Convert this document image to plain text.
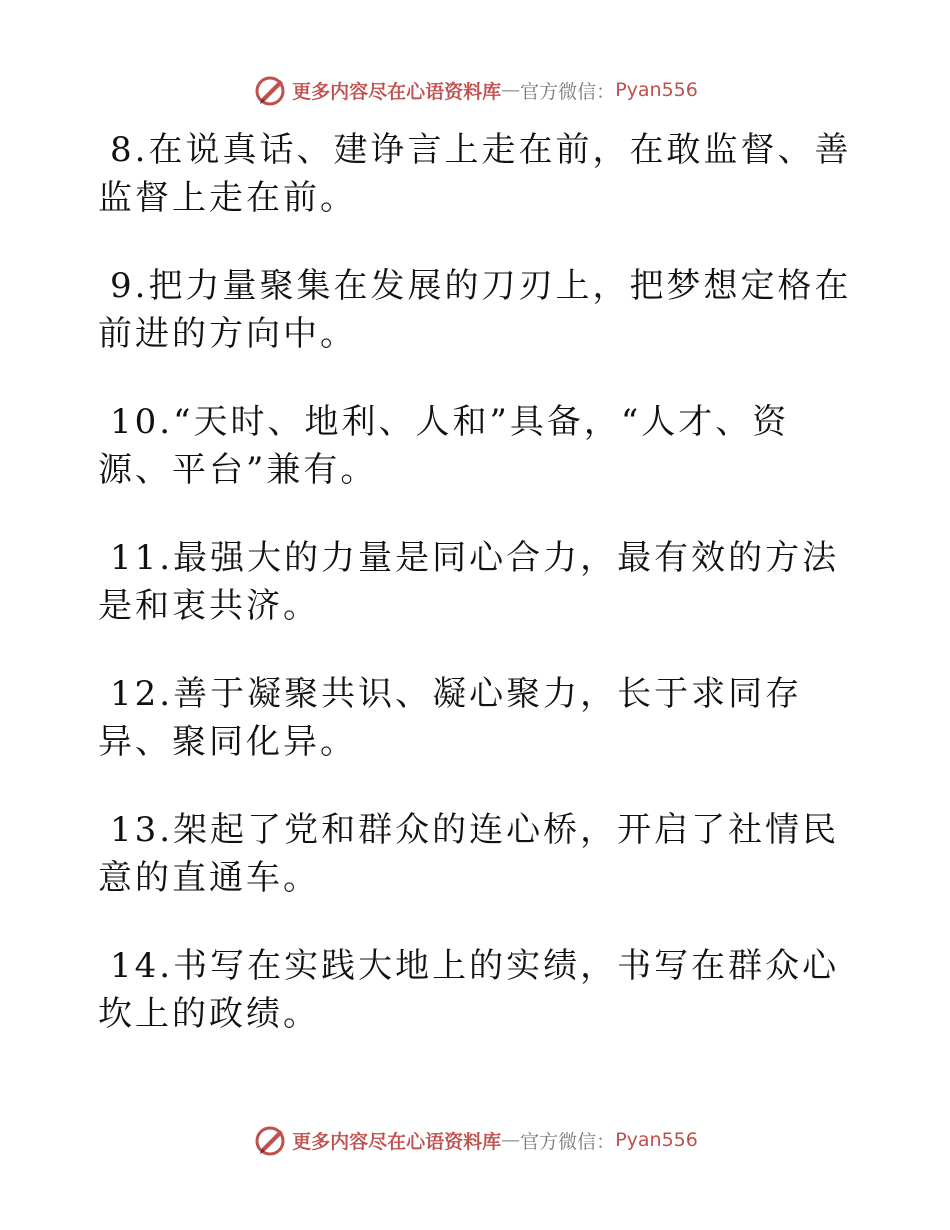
更多内容尽在心语资料库 — 官方微信： Pyan556

8.在说真话、建诤言上走在前，在敢监督、善监督上走在前。

9.把力量聚集在发展的刀刃上，把梦想定格在前进的方向中。

10.“天时、地利、人和”具备，“人才、资源、平台”兼有。

11.最强大的力量是同心合力，最有效的方法是和衷共济。

12.善于凝聚共识、凝心聚力，长于求同存异、聚同化异。

13.架起了党和群众的连心桥，开启了社情民意的直通车。

14.书写在实践大地上的实绩，书写在群众心坎上的政绩。

更多内容尽在心语资料库 — 官方微信： Pyan556
